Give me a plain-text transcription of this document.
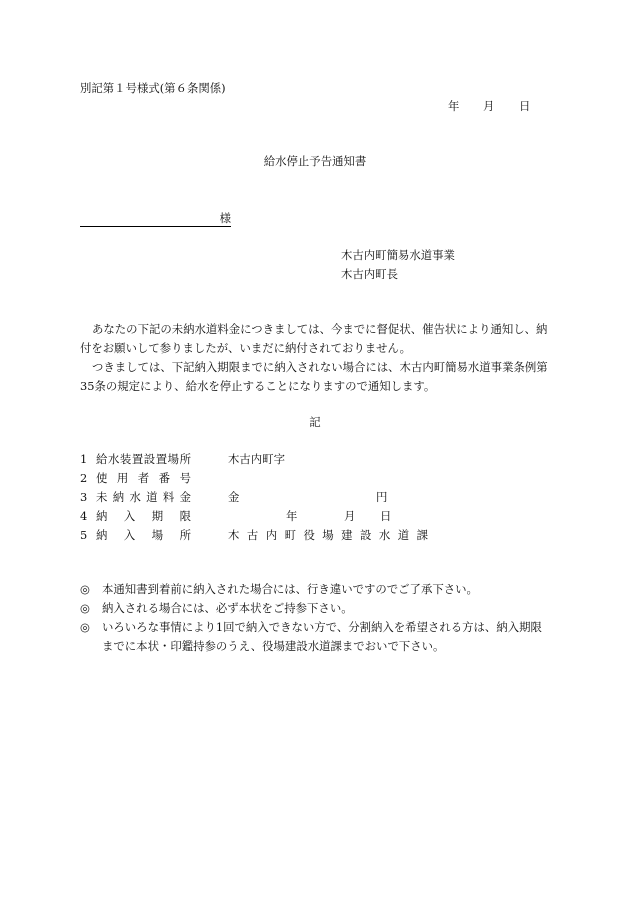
別記第１号様式(第６条関係)
年 月 日
給水停止予告通知書
様
木古内町簡易水道事業
木古内町長
あなたの下記の未納水道料金につきましては、今までに督促状、催告状により通知し、納
付をお願いして参りましたが、いまだに納付されておりません。
つきましては、下記納入期限までに納入されない場合には、木古内町簡易水道事業条例第
35条の規定により、給水を停止することになりますので通知します。
記
1 給 水 装 置 設 置 場 所	木古内町字
2 使 用 者 番 号
3 未 納 水 道 料 金	金	円
4 納 入 期 限	年	月 日
5 納 入 場 所	木 古 内 町 役 場 建 設 水 道 課
◎ 本通知書到着前に納入された場合には、行き違いですのでご了承下さい。
◎ 納入される場合には、必ず本状をご持参下さい。
◎ いろいろな事情により1回で納入できない方で、分割納入を希望される方は、納入期限
までに本状・印鑑持参のうえ、役場建設水道課までおいで下さい。
